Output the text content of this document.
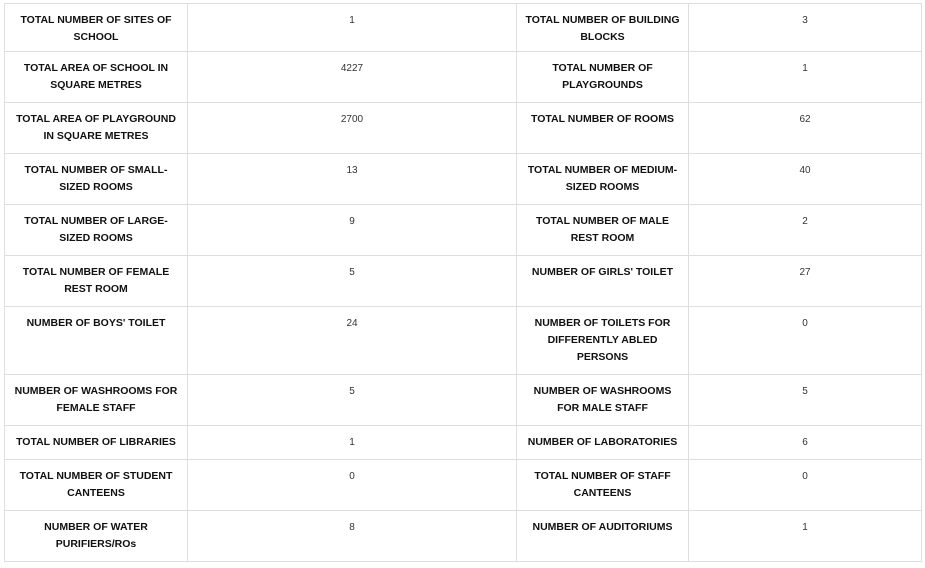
TOTAL NUMBER OF SITES OF SCHOOL	1	TOTAL NUMBER OF BUILDING BLOCKS	3
TOTAL AREA OF SCHOOL IN SQUARE METRES	4227	TOTAL NUMBER OF PLAYGROUNDS	1
TOTAL AREA OF PLAYGROUND IN SQUARE METRES	2700	TOTAL NUMBER OF ROOMS	62
TOTAL NUMBER OF SMALL-SIZED ROOMS	13	TOTAL NUMBER OF MEDIUM-SIZED ROOMS	40
TOTAL NUMBER OF LARGE-SIZED ROOMS	9	TOTAL NUMBER OF MALE REST ROOM	2
TOTAL NUMBER OF FEMALE REST ROOM	5	NUMBER OF GIRLS' TOILET	27
NUMBER OF BOYS' TOILET	24	NUMBER OF TOILETS FOR DIFFERENTLY ABLED PERSONS	0
NUMBER OF WASHROOMS FOR FEMALE STAFF	5	NUMBER OF WASHROOMS FOR MALE STAFF	5
TOTAL NUMBER OF LIBRARIES	1	NUMBER OF LABORATORIES	6
TOTAL NUMBER OF STUDENT CANTEENS	0	TOTAL NUMBER OF STAFF CANTEENS	0
NUMBER OF WATER PURIFIERS/ROs	8	NUMBER OF AUDITORIUMS	1
